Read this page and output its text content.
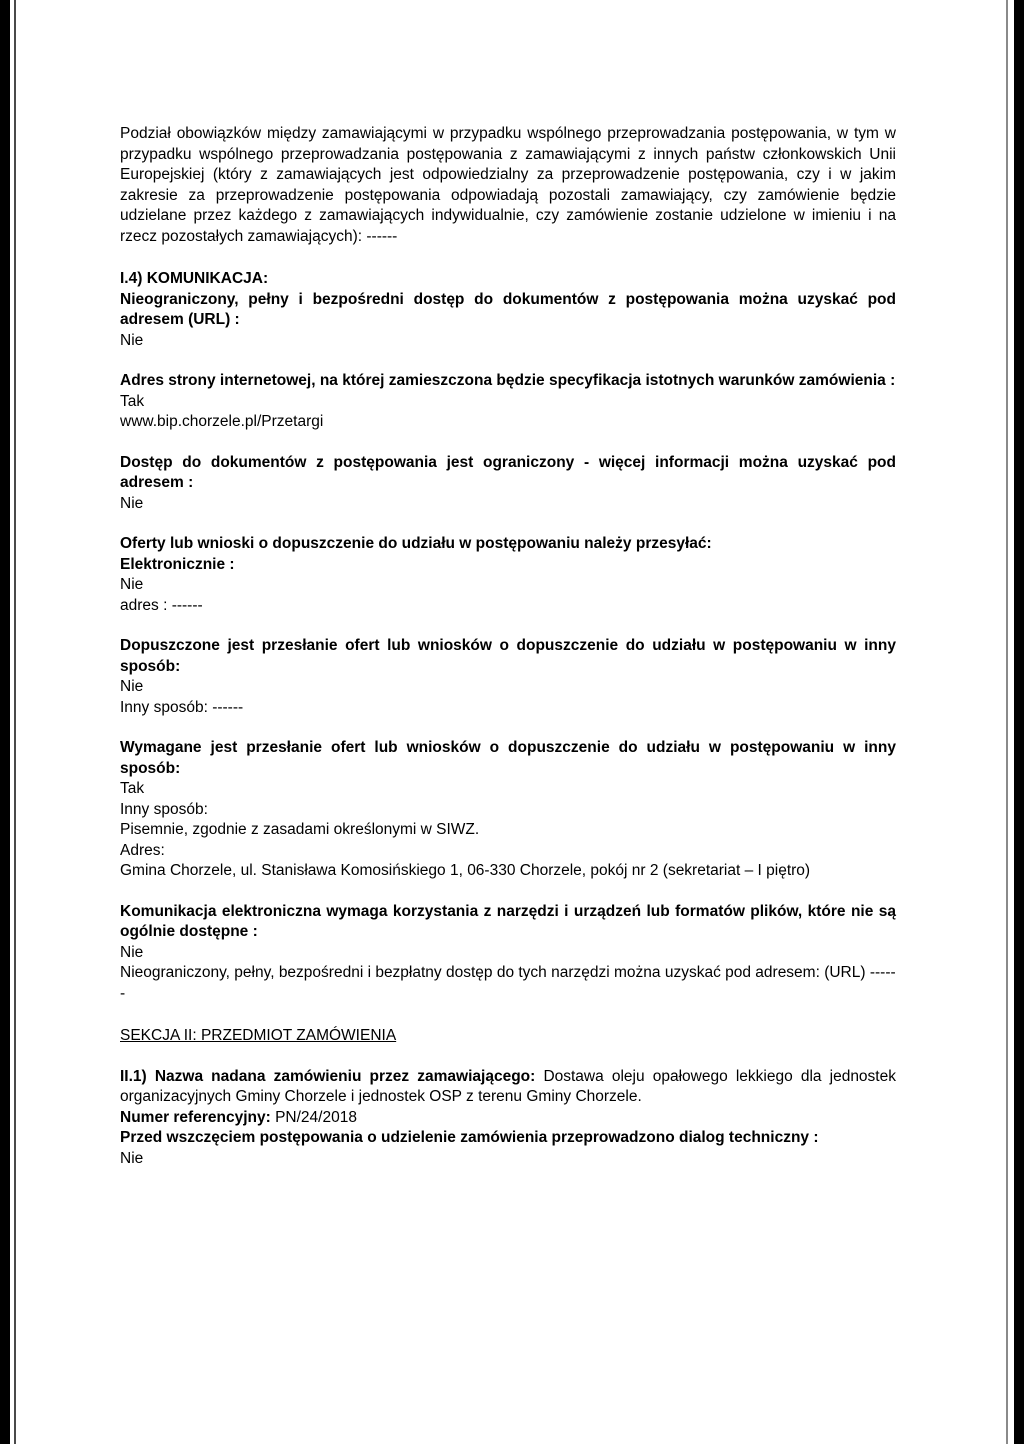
Podział obowiązków między zamawiającymi w przypadku wspólnego przeprowadzania postępowania, w tym w przypadku wspólnego przeprowadzania postępowania z zamawiającymi z innych państw członkowskich Unii Europejskiej (który z zamawiających jest odpowiedzialny za przeprowadzenie postępowania, czy i w jakim zakresie za przeprowadzenie postępowania odpowiadają pozostali zamawiający, czy zamówienie będzie udzielane przez każdego z zamawiających indywidualnie, czy zamówienie zostanie udzielone w imieniu i na rzecz pozostałych zamawiających): ------

I.4) KOMUNIKACJA:

Nieograniczony, pełny i bezpośredni dostęp do dokumentów z postępowania można uzyskać pod adresem (URL) :

Nie

Adres strony internetowej, na której zamieszczona będzie specyfikacja istotnych warunków zamówienia :

Tak

www.bip.chorzele.pl/Przetargi

Dostęp do dokumentów z postępowania jest ograniczony - więcej informacji można uzyskać pod adresem :

Nie

Oferty lub wnioski o dopuszczenie do udziału w postępowaniu należy przesyłać:

Elektronicznie :

Nie

adres : ------

Dopuszczone jest przesłanie ofert lub wniosków o dopuszczenie do udziału w postępowaniu w inny sposób:

Nie

Inny sposób: ------

Wymagane jest przesłanie ofert lub wniosków o dopuszczenie do udziału w postępowaniu w inny sposób:

Tak

Inny sposób:

Pisemnie, zgodnie z zasadami określonymi w SIWZ.

Adres:

Gmina Chorzele, ul. Stanisława Komosińskiego 1, 06-330 Chorzele, pokój nr 2 (sekretariat – I piętro)

Komunikacja elektroniczna wymaga korzystania z narzędzi i urządzeń lub formatów plików, które nie są ogólnie dostępne :

Nie

Nieograniczony, pełny, bezpośredni i bezpłatny dostęp do tych narzędzi można uzyskać pod adresem: (URL) ------

SEKCJA II: PRZEDMIOT ZAMÓWIENIA

II.1) Nazwa nadana zamówieniu przez zamawiającego: Dostawa oleju opałowego lekkiego dla jednostek organizacyjnych Gminy Chorzele i jednostek OSP z terenu Gminy Chorzele.

Numer referencyjny: PN/24/2018

Przed wszczęciem postępowania o udzielenie zamówienia przeprowadzono dialog techniczny :

Nie
